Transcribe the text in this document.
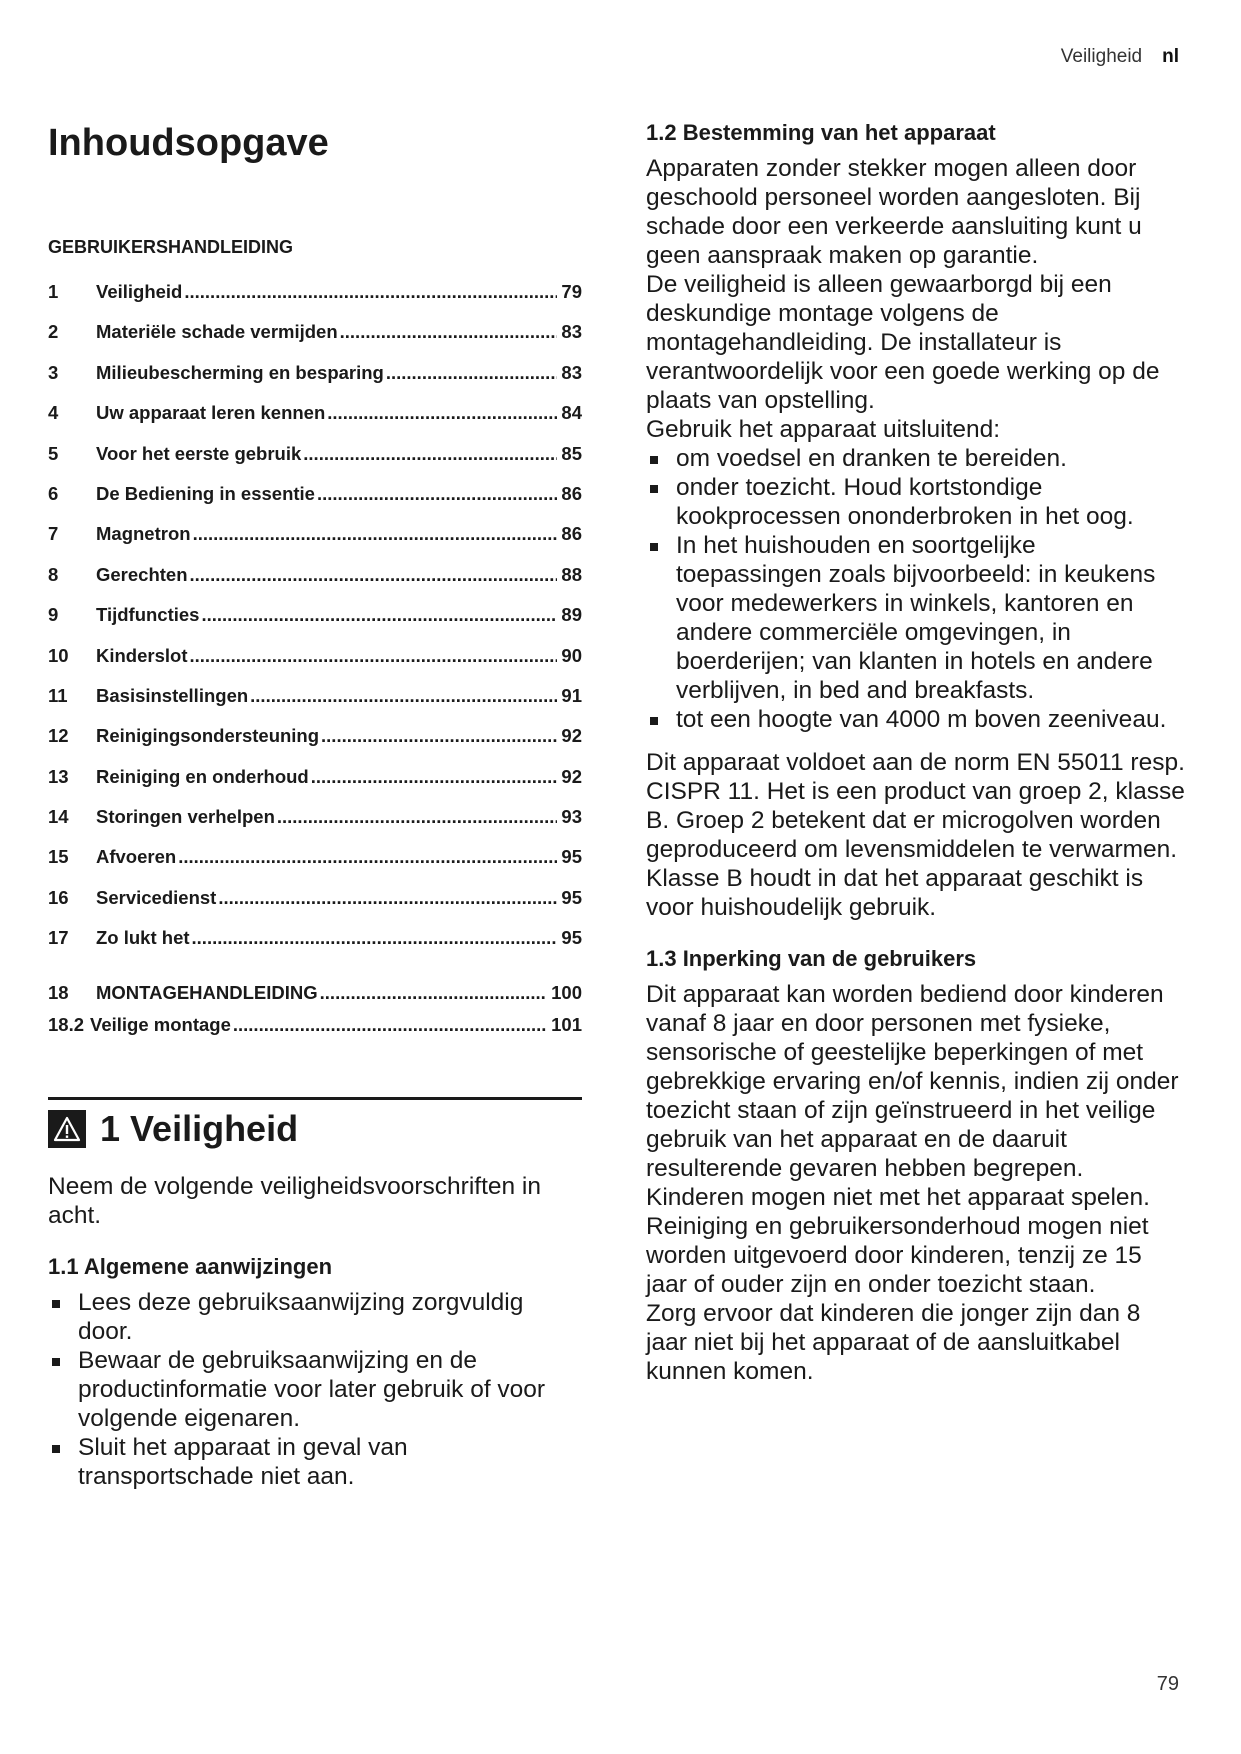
Veiligheid nl
Inhoudsopgave
GEBRUIKERSHANDLEIDING
1	Veiligheid .....	79
2	Materiële schade vermijden .....	83
3	Milieubescherming en besparing .....	83
4	Uw apparaat leren kennen .....	84
5	Voor het eerste gebruik .....	85
6	De Bediening in essentie .....	86
7	Magnetron .....	86
8	Gerechten .....	88
9	Tijdfuncties .....	89
10	Kinderslot .....	90
11	Basisinstellingen .....	91
12	Reinigingsondersteuning .....	92
13	Reiniging en onderhoud .....	92
14	Storingen verhelpen .....	93
15	Afvoeren .....	95
16	Servicedienst .....	95
17	Zo lukt het .....	95
18	MONTAGEHANDLEIDING .....	100
18.2 Veilige montage .....	101
1 Veiligheid

Neem de volgende veiligheidsvoorschriften in acht.

1.1 Algemene aanwijzingen
Lees deze gebruiksaanwijzing zorgvuldig door.
Bewaar de gebruiksaanwijzing en de productinformatie voor later gebruik of voor volgende eigenaren.
Sluit het apparaat in geval van transportschade niet aan.
1.2 Bestemming van het apparaat

Apparaten zonder stekker mogen alleen door geschoold personeel worden aangesloten. Bij schade door een verkeerde aansluiting kunt u geen aanspraak maken op garantie.

De veiligheid is alleen gewaarborgd bij een deskundige montage volgens de montagehandleiding. De installateur is verantwoordelijk voor een goede werking op de plaats van opstelling.

Gebruik het apparaat uitsluitend:

om voedsel en dranken te bereiden.
onder toezicht. Houd kortstondige kookprocessen ononderbroken in het oog.
In het huishouden en soortgelijke toepassingen zoals bijvoorbeeld: in keukens voor medewerkers in winkels, kantoren en andere commerciële omgevingen, in boerderijen; van klanten in hotels en andere verblijven, in bed and breakfasts.
tot een hoogte van 4000 m boven zeeniveau.

Dit apparaat voldoet aan de norm EN 55011 resp. CISPR 11. Het is een product van groep 2, klasse B. Groep 2 betekent dat er microgolven worden geproduceerd om levensmiddelen te verwarmen. Klasse B houdt in dat het apparaat geschikt is voor huishoudelijk gebruik.

1.3 Inperking van de gebruikers

Dit apparaat kan worden bediend door kinderen vanaf 8 jaar en door personen met fysieke, sensorische of geestelijke beperkingen of met gebrekkige ervaring en/of kennis, indien zij onder toezicht staan of zijn geïnstrueerd in het veilige gebruik van het apparaat en de daaruit resulterende gevaren hebben begrepen.

Kinderen mogen niet met het apparaat spelen.

Reiniging en gebruikersonderhoud mogen niet worden uitgevoerd door kinderen, tenzij ze 15 jaar of ouder zijn en onder toezicht staan.

Zorg ervoor dat kinderen die jonger zijn dan 8 jaar niet bij het apparaat of de aansluitkabel kunnen komen.

79
